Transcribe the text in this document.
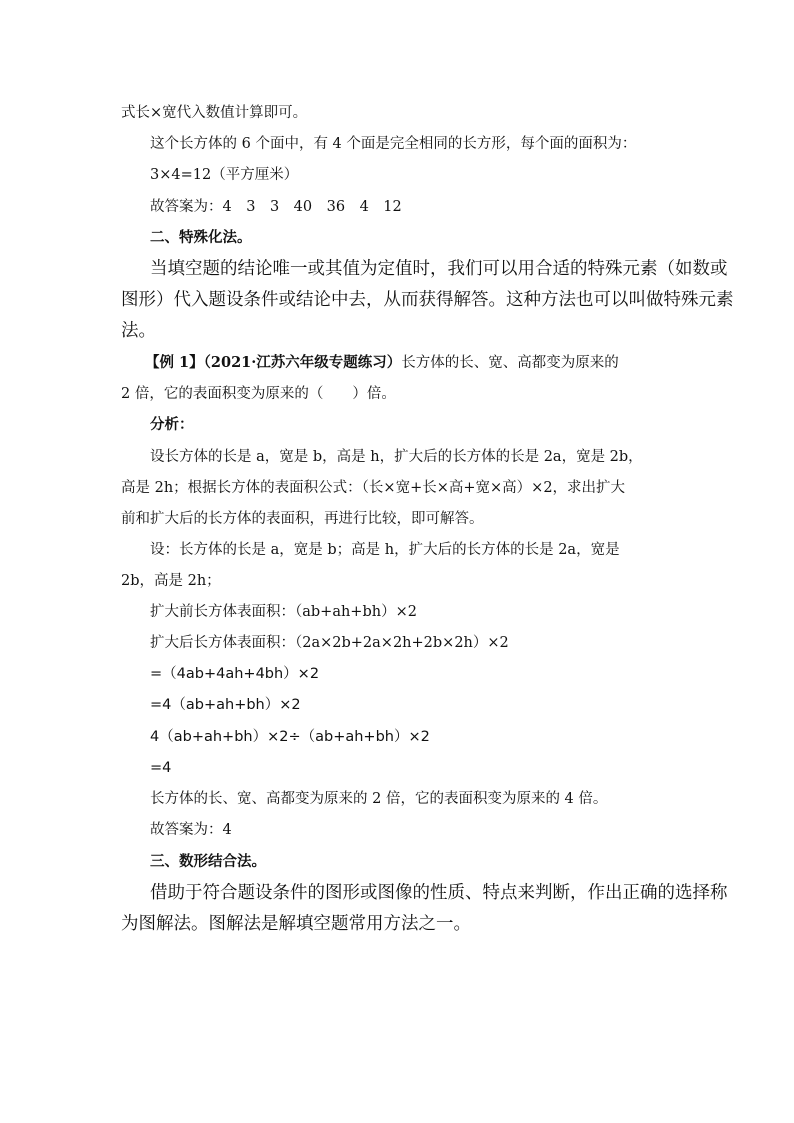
式长×宽代入数值计算即可。
这个长方体的 6 个面中，有 4 个面是完全相同的长方形，每个面的面积为：
3×4=12（平方厘米）
故答案为：4　3　3　40　36　4　12
二、特殊化法。
当填空题的结论唯一或其值为定值时，我们可以用合适的特殊元素（如数或
图形）代入题设条件或结论中去，从而获得解答。这种方法也可以叫做特殊元素
法。
【例 1】（2021·江苏六年级专题练习）长方体的长、宽、高都变为原来的
2 倍，它的表面积变为原来的（　　）倍。
分析：
设长方体的长是 a，宽是 b，高是 h，扩大后的长方体的长是 2a，宽是 2b，
高是 2h；根据长方体的表面积公式：（长×宽+长×高+宽×高）×2，求出扩大
前和扩大后的长方体的表面积，再进行比较，即可解答。
设：长方体的长是 a，宽是 b；高是 h，扩大后的长方体的长是 2a，宽是
2b，高是 2h；
扩大前长方体表面积：（ab+ah+bh）×2
扩大后长方体表面积：（2a×2b+2a×2h+2b×2h）×2
=（4ab+4ah+4bh）×2
=4（ab+ah+bh）×2
4（ab+ah+bh）×2÷（ab+ah+bh）×2
=4
长方体的长、宽、高都变为原来的 2 倍，它的表面积变为原来的 4 倍。
故答案为：4
三、数形结合法。
借助于符合题设条件的图形或图像的性质、特点来判断，作出正确的选择称
为图解法。图解法是解填空题常用方法之一。
